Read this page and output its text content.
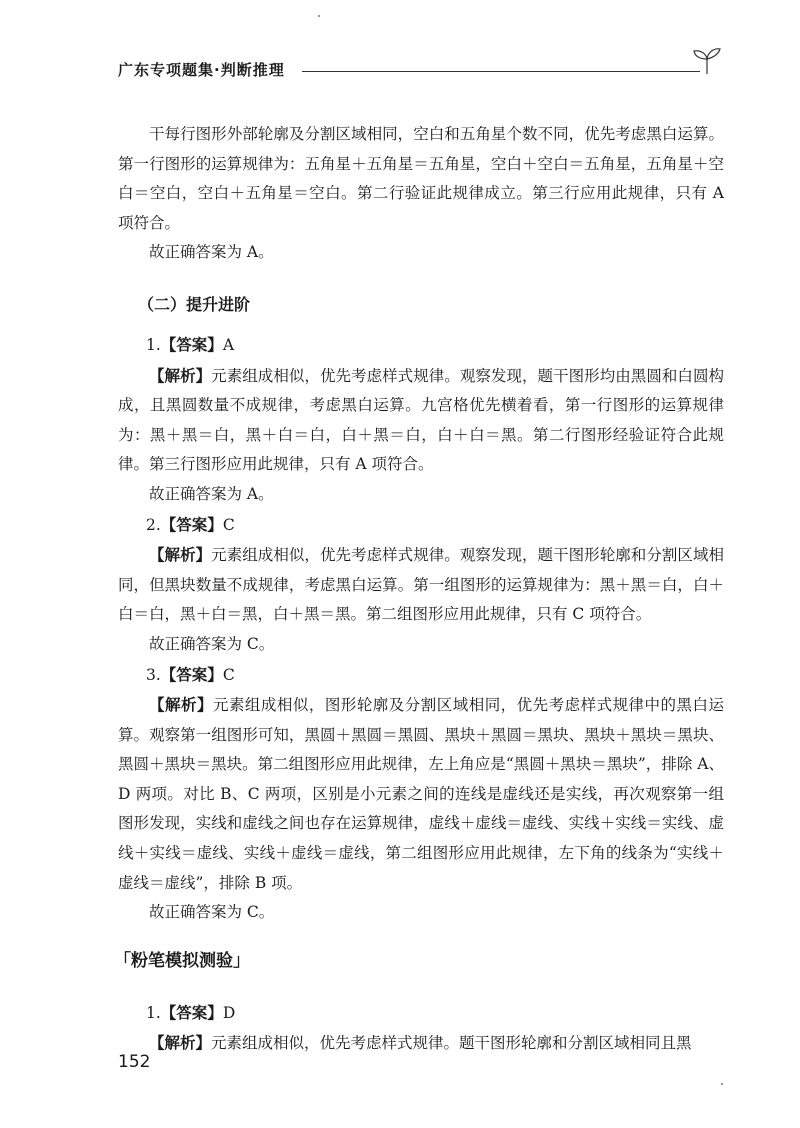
广东专项题集·判断推理

干每行图形外部轮廓及分割区域相同，空白和五角星个数不同，优先考虑黑白运算。第一行图形的运算规律为：五角星＋五角星＝五角星，空白＋空白＝五角星，五角星＋空白＝空白，空白＋五角星＝空白。第二行验证此规律成立。第三行应用此规律，只有 A 项符合。

故正确答案为 A。

（二）提升进阶

1.【答案】A

【解析】元素组成相似，优先考虑样式规律。观察发现，题干图形均由黑圆和白圆构成，且黑圆数量不成规律，考虑黑白运算。九宫格优先横着看，第一行图形的运算规律为：黑＋黑＝白，黑＋白＝白，白＋黑＝白，白＋白＝黑。第二行图形经验证符合此规律。第三行图形应用此规律，只有 A 项符合。

故正确答案为 A。

2.【答案】C

【解析】元素组成相似，优先考虑样式规律。观察发现，题干图形轮廓和分割区域相同，但黑块数量不成规律，考虑黑白运算。第一组图形的运算规律为：黑＋黑＝白，白＋白＝白，黑＋白＝黑，白＋黑＝黑。第二组图形应用此规律，只有 C 项符合。

故正确答案为 C。

3.【答案】C

【解析】元素组成相似，图形轮廓及分割区域相同，优先考虑样式规律中的黑白运算。观察第一组图形可知，黑圆＋黑圆＝黑圆、黑块＋黑圆＝黑块、黑块＋黑块＝黑块、黑圆＋黑块＝黑块。第二组图形应用此规律，左上角应是“黑圆＋黑块＝黑块”，排除 A、D 两项。对比 B、C 两项，区别是小元素之间的连线是虚线还是实线，再次观察第一组图形发现，实线和虚线之间也存在运算规律，虚线＋虚线＝虚线、实线＋实线＝实线、虚线＋实线＝虚线、实线＋虚线＝虚线，第二组图形应用此规律，左下角的线条为“实线＋虚线＝虚线”，排除 B 项。

故正确答案为 C。

「粉笔模拟测验」

1.【答案】D

【解析】元素组成相似，优先考虑样式规律。题干图形轮廓和分割区域相同且黑

152
